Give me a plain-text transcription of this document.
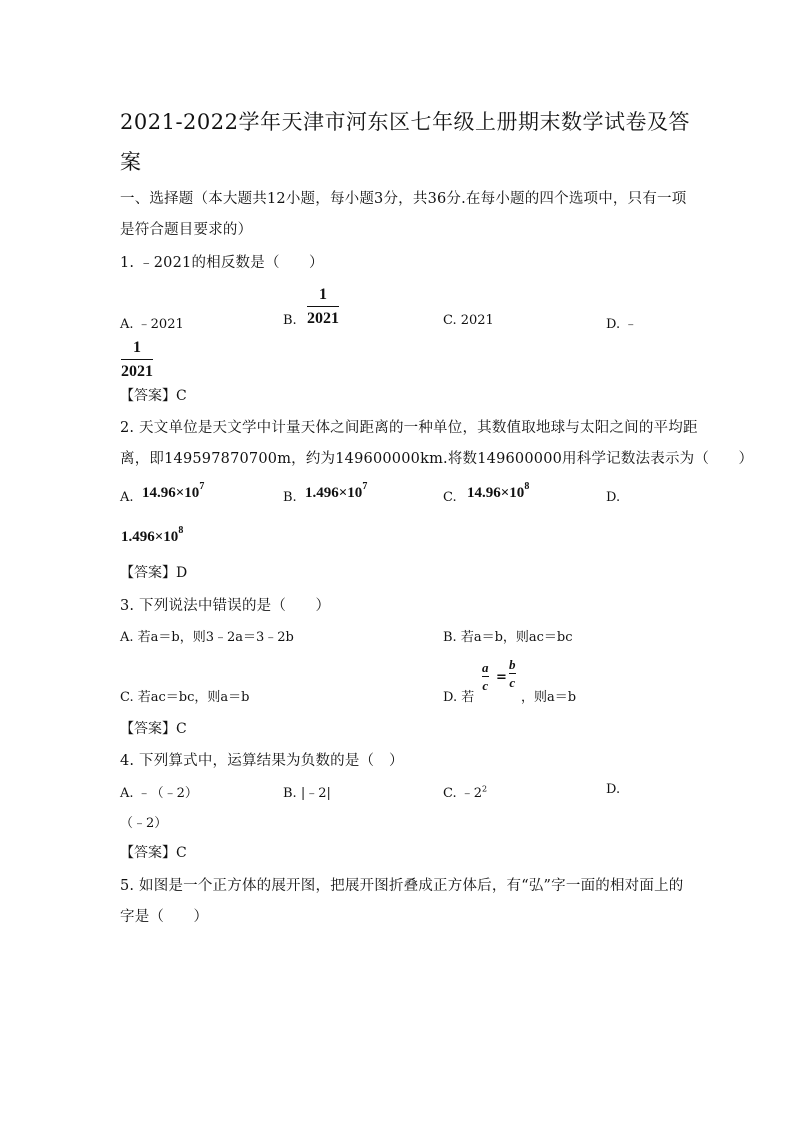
2021-2022学年天津市河东区七年级上册期末数学试卷及答
案
一、选择题（本大题共12小题，每小题3分，共36分.在每小题的四个选项中，只有一项
是符合题目要求的）
1. ﹣2021的相反数是（　　）
A. ﹣2021	B.
1
2021	C. 2021	D. ﹣
1
2021
【答案】C
2. 天文单位是天文学中计量天体之间距离的一种单位，其数值取地球与太阳之间的平均距
离，即149597870700m，约为149600000km.将数149600000用科学记数法表示为（　　）
A. $14.96\times 10^7$
B. $1.496\times 10^7$
C. $14.96\times 10^8$
D.
$1.496\times 10^8$
【答案】D
3. 下列说法中错误的是（　　）
A. 若a＝b，则3﹣2a＝3﹣2b	B. 若a＝b，则ac＝bc
C. 若ac＝bc，则a＝b	D. 若
a
c
=
b
c
，则a＝b
【答案】C
4. 下列算式中，运算结果为负数的是（　）
A. ﹣（﹣2）	B. |﹣2|	C. $﹣2^2$	D.
（﹣2）
【答案】C
5. 如图是一个正方体的展开图，把展开图折叠成正方体后，有“弘”字一面的相对面上的
字是（　　）
